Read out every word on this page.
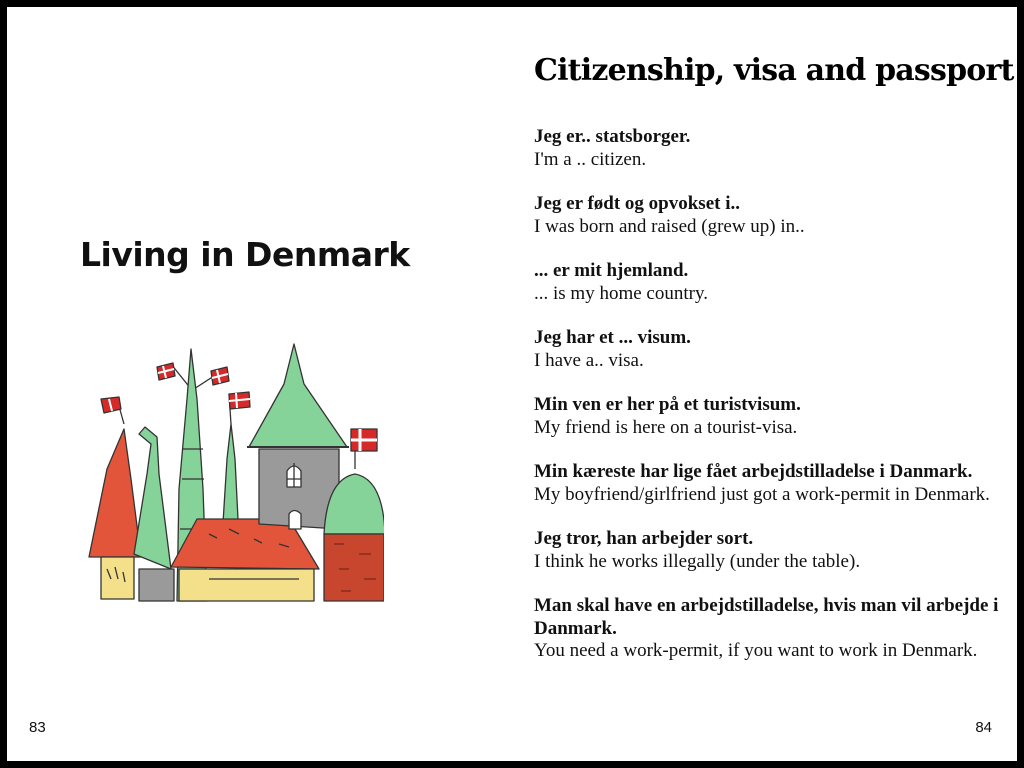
Living in Denmark
83
Citizenship, visa and passport

Jeg er.. statsborger.
I'm a .. citizen.

Jeg er født og opvokset i..
I was born and raised (grew up) in..

... er mit hjemland.
... is my home country.

Jeg har et ... visum.
I have a.. visa.

Min ven er her på et turistvisum.
My friend is here on a tourist-visa.

Min kæreste har lige fået arbejdstilladelse i Danmark.
My boyfriend/girlfriend just got a work-permit in Denmark.

Jeg tror, han arbejder sort.
I think he works illegally (under the table).

Man skal have en arbejdstilladelse, hvis man vil arbejde i Danmark.
You need a work-permit, if you want to work in Denmark.

84
